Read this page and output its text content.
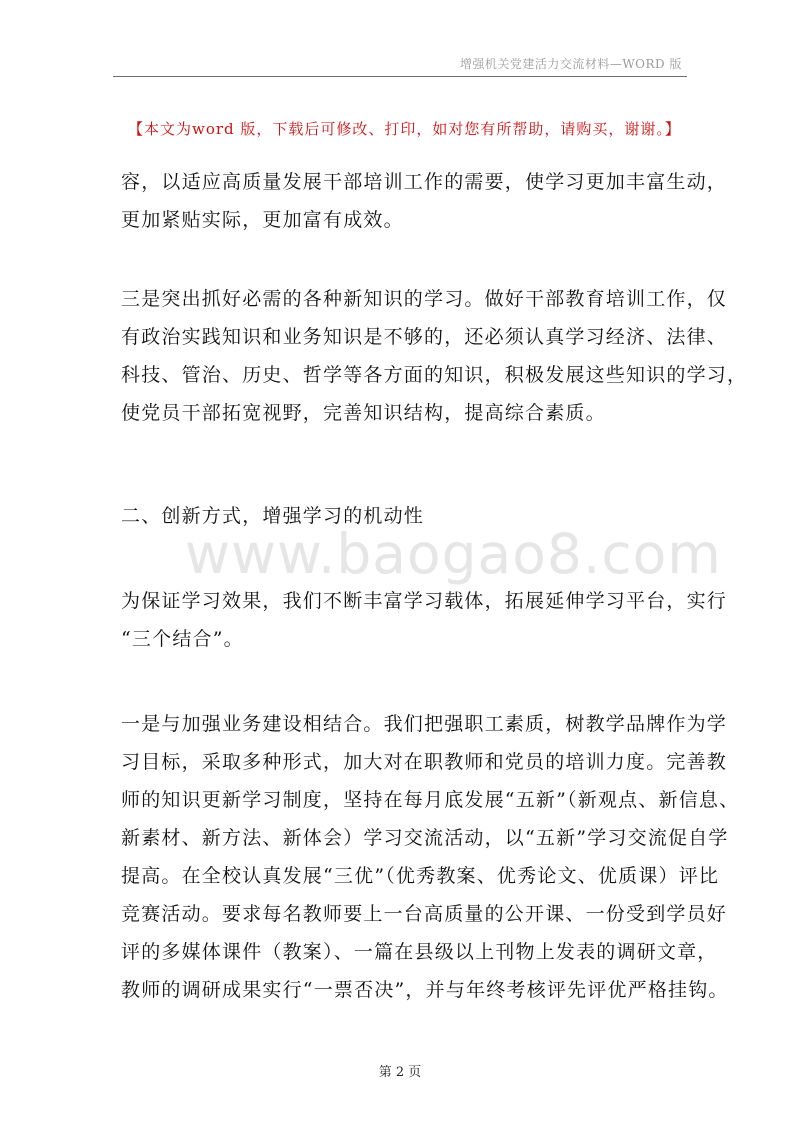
增强机关党建活力交流材料—WORD 版
【本文为word 版，下载后可修改、打印，如对您有所帮助，请购买，谢谢。】
www.baogao8.com
容，以适应高质量发展干部培训工作的需要，使学习更加丰富生动，
更加紧贴实际，更加富有成效。
三是突出抓好必需的各种新知识的学习。做好干部教育培训工作，仅
有政治实践知识和业务知识是不够的，还必须认真学习经济、法律、
科技、管治、历史、哲学等各方面的知识，积极发展这些知识的学习，
使党员干部拓宽视野，完善知识结构，提高综合素质。
二、创新方式，增强学习的机动性
为保证学习效果，我们不断丰富学习载体，拓展延伸学习平台，实行
“三个结合”。
一是与加强业务建设相结合。我们把强职工素质，树教学品牌作为学
习目标，采取多种形式，加大对在职教师和党员的培训力度。完善教
师的知识更新学习制度，坚持在每月底发展“五新”（新观点、新信息、
新素材、新方法、新体会）学习交流活动，以“五新”学习交流促自学
提高。在全校认真发展“三优”（优秀教案、优秀论文、优质课）评比
竞赛活动。要求每名教师要上一台高质量的公开课、一份受到学员好
评的多媒体课件（教案）、一篇在县级以上刊物上发表的调研文章，
教师的调研成果实行“一票否决”，并与年终考核评先评优严格挂钩。
第 2 页
